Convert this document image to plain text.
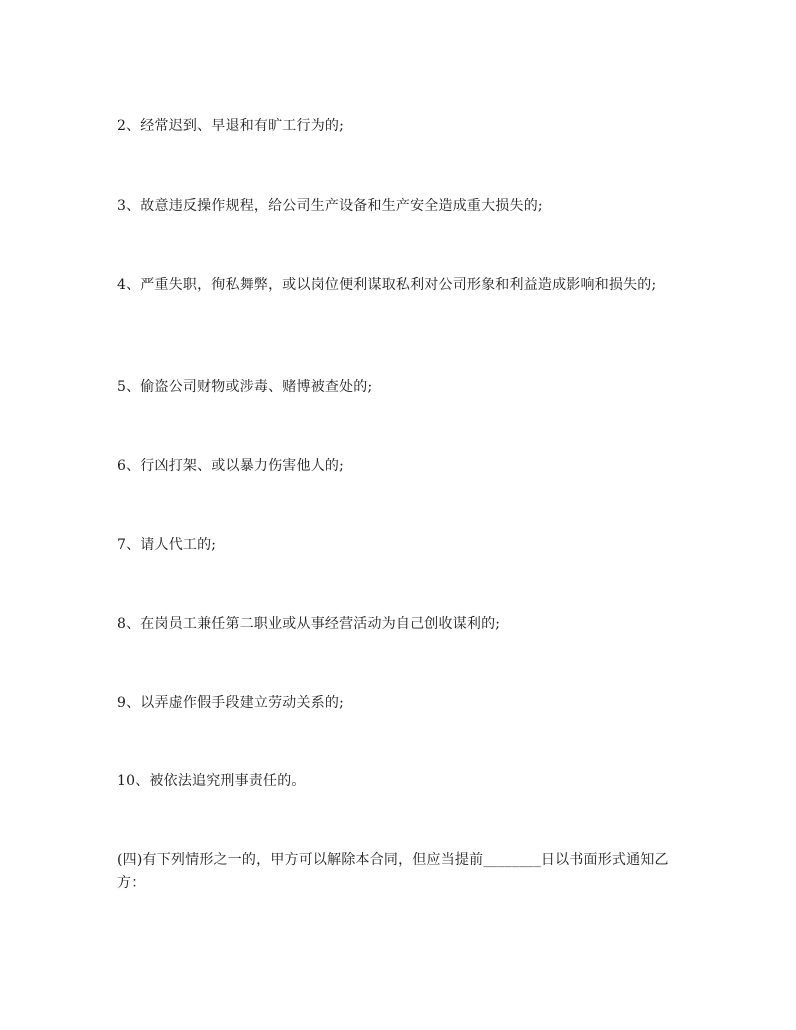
2、经常迟到、早退和有旷工行为的;

3、故意违反操作规程，给公司生产设备和生产安全造成重大损失的;

4、严重失职，徇私舞弊，或以岗位便利谋取私利对公司形象和利益造成影响和损失的;

5、偷盗公司财物或涉毒、赌博被查处的;

6、行凶打架、或以暴力伤害他人的;

7、请人代工的;

8、在岗员工兼任第二职业或从事经营活动为自己创收谋利的;

9、以弄虚作假手段建立劳动关系的;

10、被依法追究刑事责任的。

(四)有下列情形之一的，甲方可以解除本合同，但应当提前________日以书面形式通知乙方：
